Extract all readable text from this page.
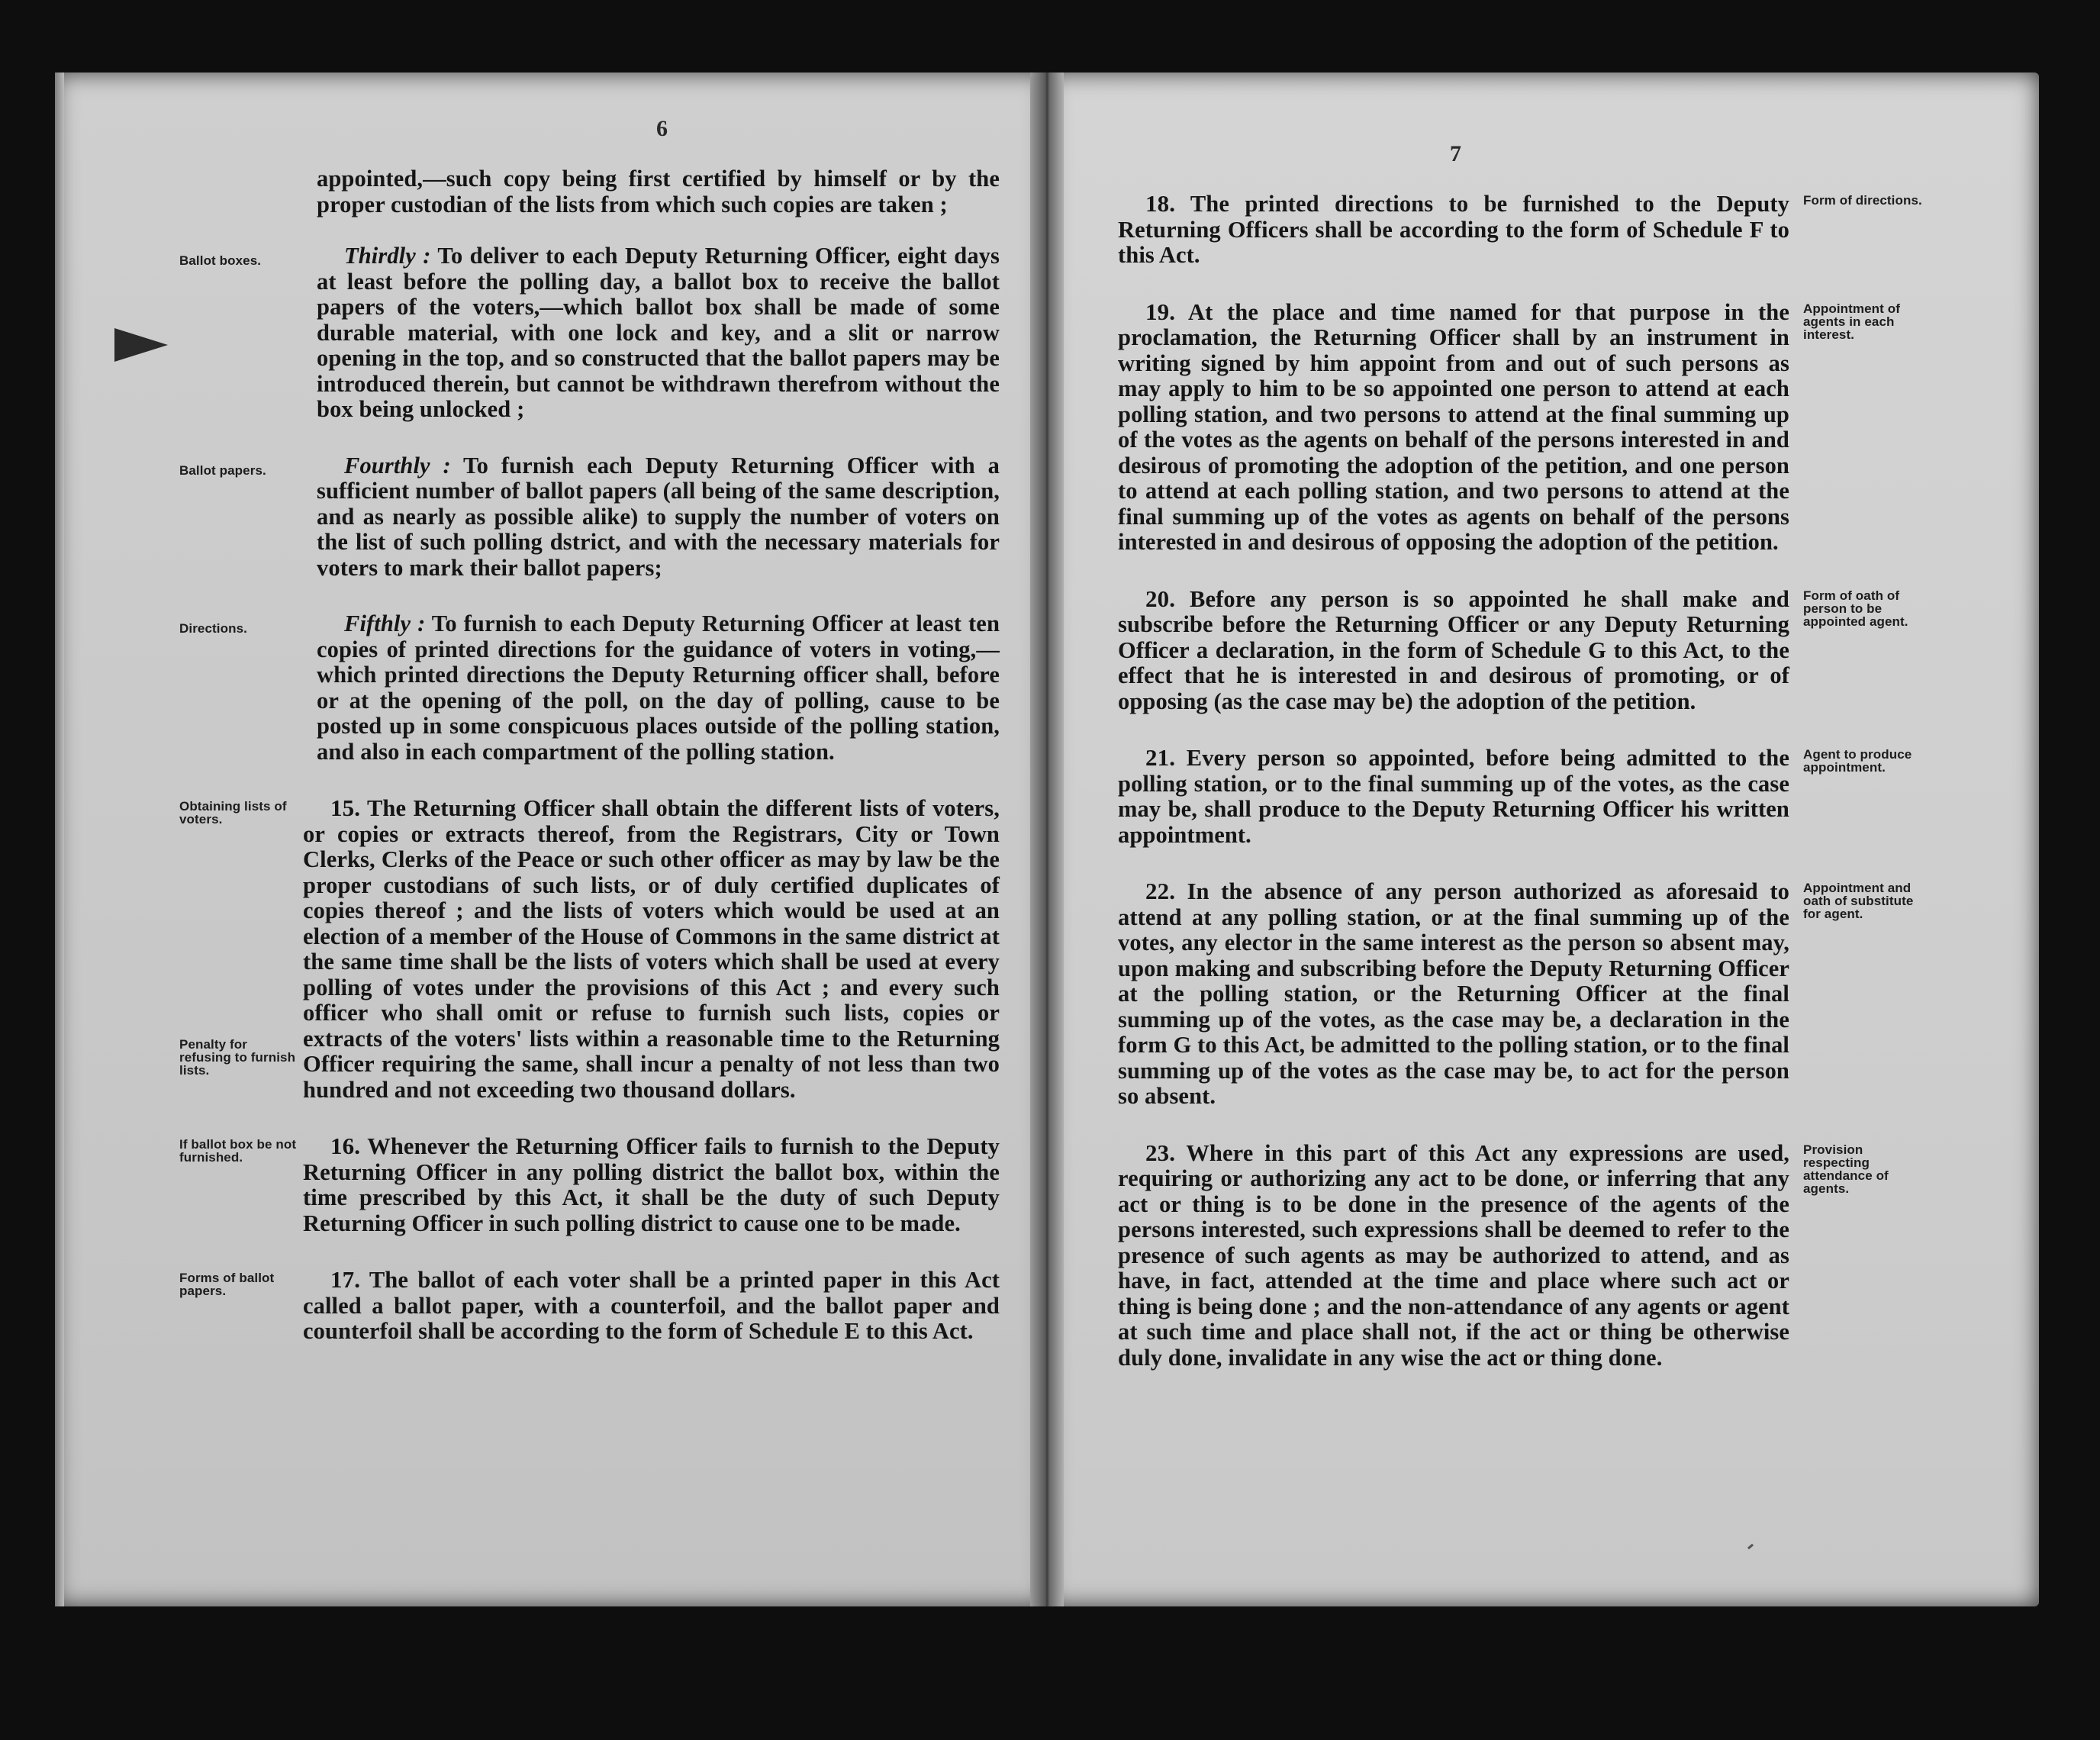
6
7

appointed,—such copy being first certified by himself or by the proper custodian of the lists from which such copies are taken ;

Ballot boxes.	Thirdly : To deliver to each Deputy Returning Officer, eight days at least before the polling day, a ballot box to receive the ballot papers of the voters,—which ballot box shall be made of some durable material, with one lock and key, and a slit or narrow opening in the top, and so constructed that the ballot papers may be introduced therein, but cannot be withdrawn therefrom without the box being unlocked ;

Ballot papers.	Fourthly : To furnish each Deputy Returning Officer with a sufficient number of ballot papers (all being of the same description, and as nearly as possible alike) to supply the number of voters on the list of such polling dstrict, and with the necessary materials for voters to mark their ballot papers;

Directions.	Fifthly : To furnish to each Deputy Returning Officer at least ten copies of printed directions for the guidance of voters in voting,—which printed directions the Deputy Returning officer shall, before or at the opening of the poll, on the day of polling, cause to be posted up in some conspicuous places outside of the polling station, and also in each compartment of the polling station.

Obtaining lists of voters.
Penalty for refusing to furnish lists.

15. The Returning Officer shall obtain the different lists of voters, or copies or extracts thereof, from the Registrars, City or Town Clerks, Clerks of the Peace or such other officer as may by law be the proper custodians of such lists, or of duly certified duplicates of copies thereof ; and the lists of voters which would be used at an election of a member of the House of Commons in the same district at the same time shall be the lists of voters which shall be used at every polling of votes under the provisions of this Act ; and every such officer who shall omit or refuse to furnish such lists, copies or extracts of the voters' lists within a reasonable time to the Returning Officer requiring the same, shall incur a penalty of not less than two hundred and not exceeding two thousand dollars.

If ballot box be not furnished.	16. Whenever the Returning Officer fails to furnish to the Deputy Returning Officer in any polling district the ballot box, within the time prescribed by this Act, it shall be the duty of such Deputy Returning Officer in such polling district to cause one to be made.

Forms of ballot papers.	17. The ballot of each voter shall be a printed paper in this Act called a ballot paper, with a counterfoil, and the ballot paper and counterfoil shall be according to the form of Schedule E to this Act.

Form of directions.

18. The printed directions to be furnished to the Deputy Returning Officers shall be according to the form of Schedule F to this Act.

Appointment of agents in each interest.

19. At the place and time named for that purpose in the proclamation, the Returning Officer shall by an instrument in writing signed by him appoint from and out of such persons as may apply to him to be so appointed one person to attend at each polling station, and two persons to attend at the final summing up of the votes as the agents on behalf of the persons interested in and desirous of promoting the adoption of the petition, and one person to attend at each polling station, and two persons to attend at the final summing up of the votes as agents on behalf of the persons interested in and desirous of opposing the adoption of the petition.

Form of oath of person to be appointed agent.

20. Before any person is so appointed he shall make and subscribe before the Returning Officer or any Deputy Returning Officer a declaration, in the form of Schedule G to this Act, to the effect that he is interested in and desirous of promoting, or of opposing (as the case may be) the adoption of the petition.

Agent to produce appointment.

21. Every person so appointed, before being admitted to the polling station, or to the final summing up of the votes, as the case may be, shall produce to the Deputy Returning Officer his written appointment.

Appointment and oath of substitute for agent.

22. In the absence of any person authorized as aforesaid to attend at any polling station, or at the final summing up of the votes, any elector in the same interest as the person so absent may, upon making and subscribing before the Deputy Returning Officer at the polling station, or the Returning Officer at the final summing up of the votes, as the case may be, a declaration in the form G to this Act, be admitted to the polling station, or to the final summing up of the votes as the case may be, to act for the person so absent.

Provision respecting attendance of agents.

23. Where in this part of this Act any expressions are used, requiring or authorizing any act to be done, or inferring that any act or thing is to be done in the presence of the agents of the persons interested, such expressions shall be deemed to refer to the presence of such agents as may be authorized to attend, and as have, in fact, attended at the time and place where such act or thing is being done ; and the non-attendance of any agents or agent at such time and place shall not, if the act or thing be otherwise duly done, invalidate in any wise the act or thing done.
